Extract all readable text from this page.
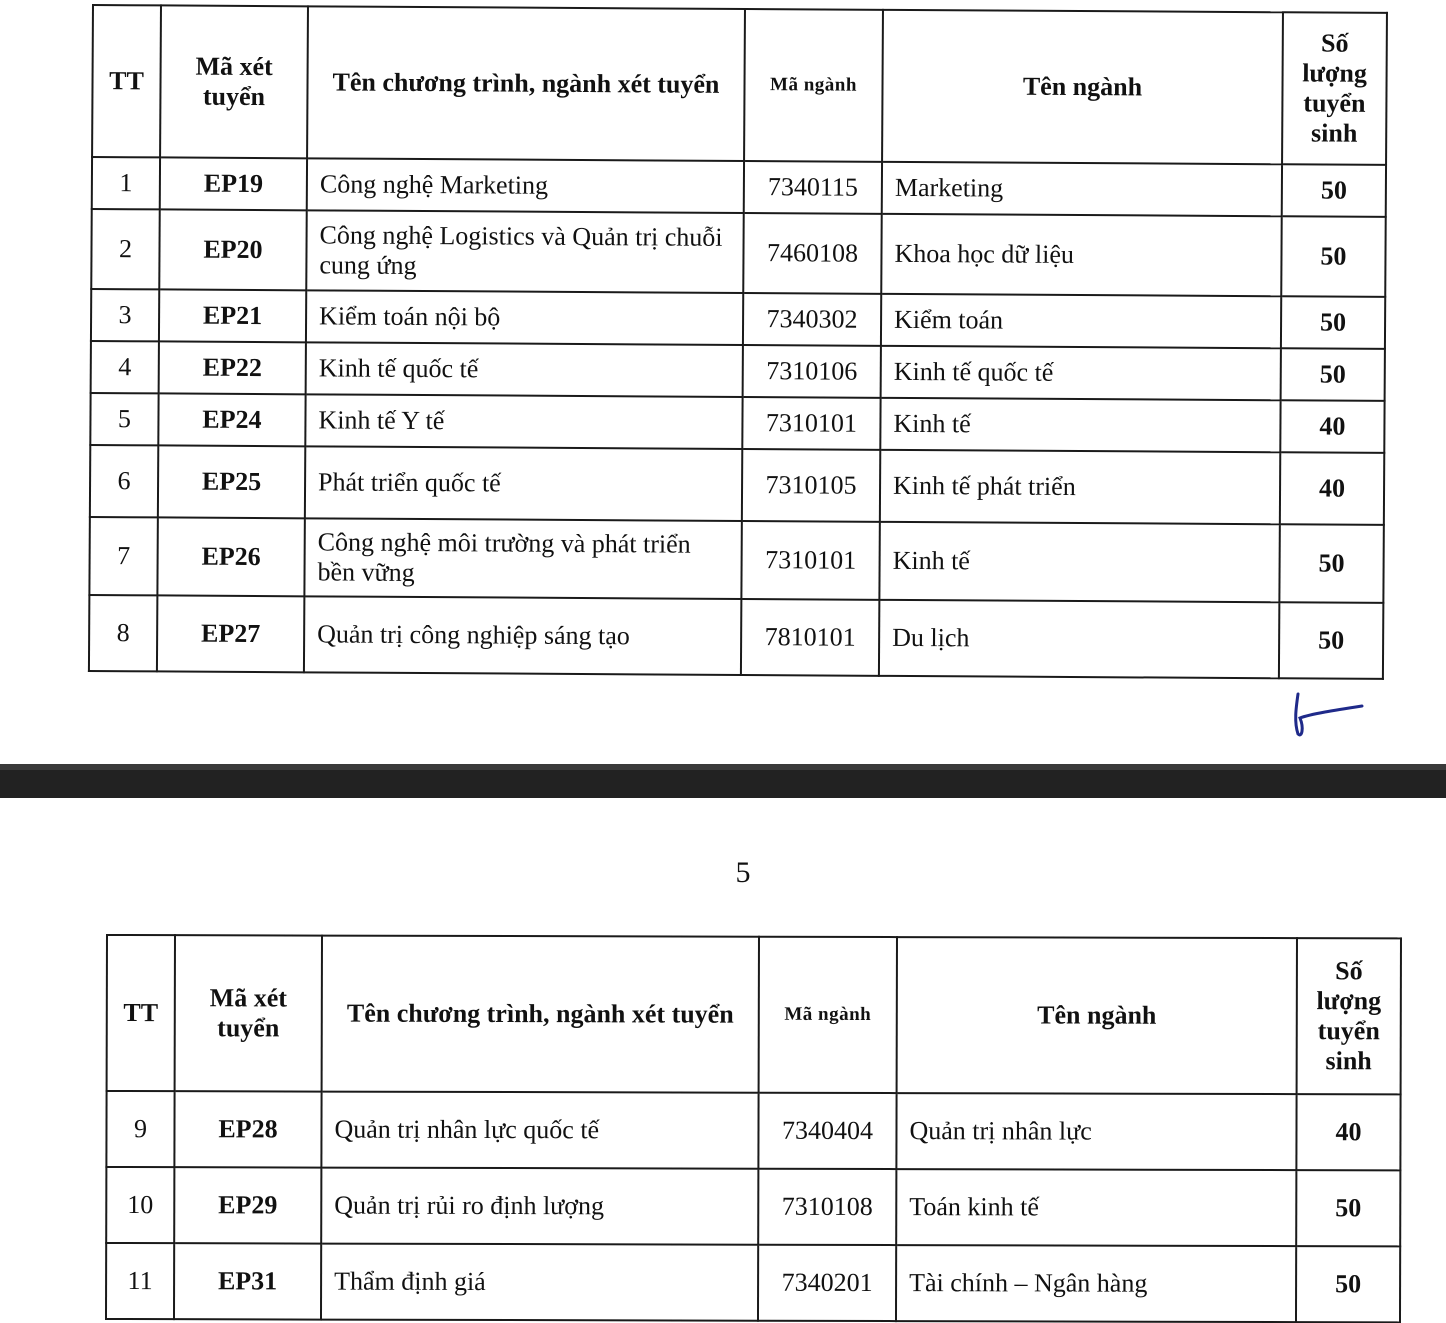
TT	Mã xét tuyển	Tên chương trình, ngành xét tuyển	Mã ngành	Tên ngành	Số lượng tuyển sinh
1	EP19	Công nghệ Marketing	7340115	Marketing	50
2	EP20	Công nghệ Logistics và Quản trị chuỗi cung ứng	7460108	Khoa học dữ liệu	50
3	EP21	Kiểm toán nội bộ	7340302	Kiểm toán	50
4	EP22	Kinh tế quốc tế	7310106	Kinh tế quốc tế	50
5	EP24	Kinh tế Y tế	7310101	Kinh tế	40
6	EP25	Phát triển quốc tế	7310105	Kinh tế phát triển	40
7	EP26	Công nghệ môi trường và phát triển bền vững	7310101	Kinh tế	50
8	EP27	Quản trị công nghiệp sáng tạo	7810101	Du lịch	50
5
TT	Mã xét tuyển	Tên chương trình, ngành xét tuyển	Mã ngành	Tên ngành	Số lượng tuyển sinh
9	EP28	Quản trị nhân lực quốc tế	7340404	Quản trị nhân lực	40
10	EP29	Quản trị rủi ro định lượng	7310108	Toán kinh tế	50
11	EP31	Thẩm định giá	7340201	Tài chính – Ngân hàng	50
